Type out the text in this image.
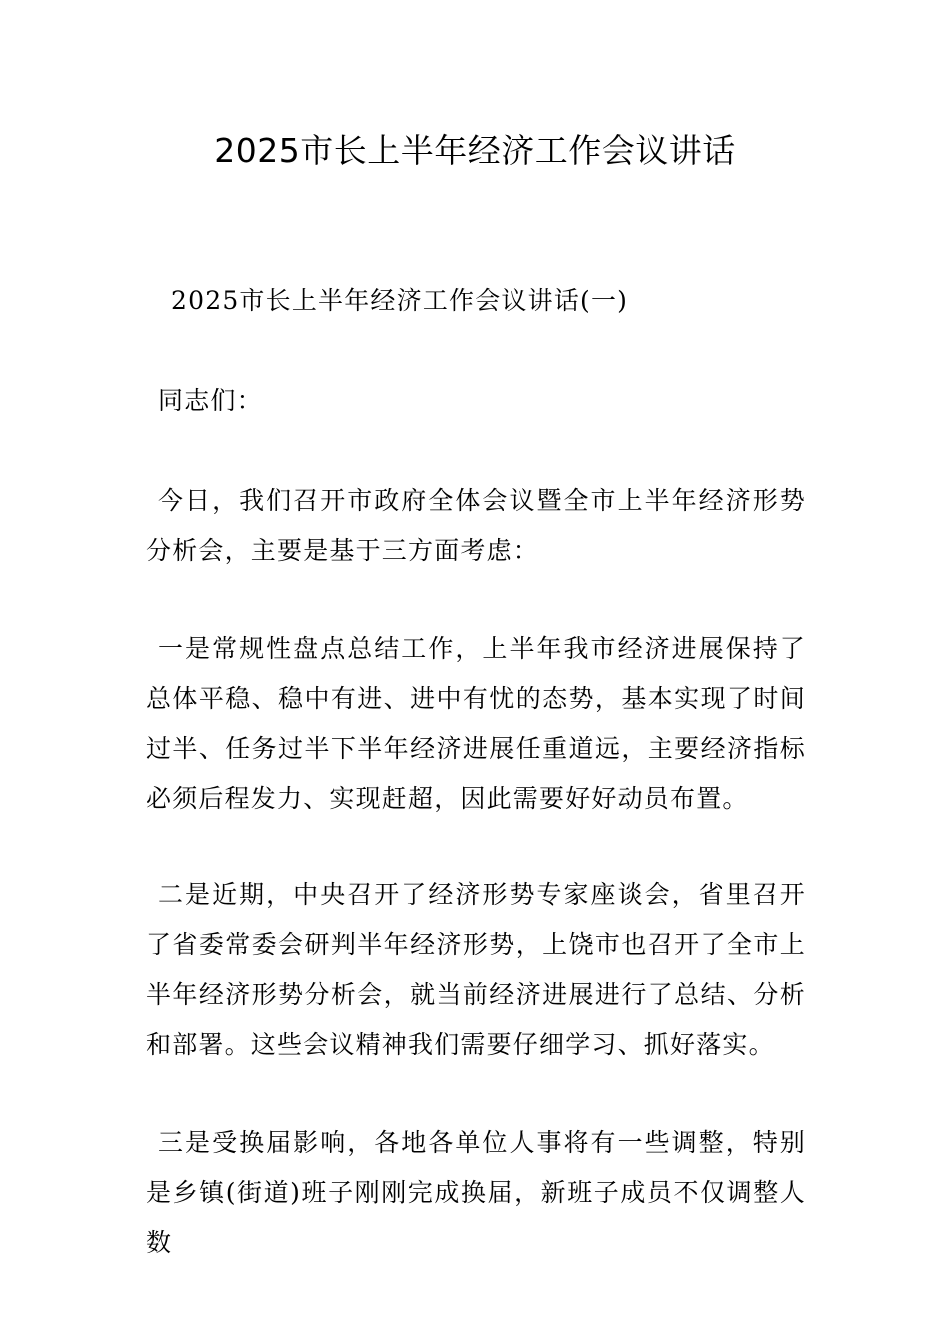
2025市长上半年经济工作会议讲话

2025市长上半年经济工作会议讲话(一)

同志们：

今日，我们召开市政府全体会议暨全市上半年经济形势分析会，主要是基于三方面考虑：

一是常规性盘点总结工作，上半年我市经济进展保持了总体平稳、稳中有进、进中有忧的态势，基本实现了时间过半、任务过半下半年经济进展任重道远，主要经济指标必须后程发力、实现赶超，因此需要好好动员布置。

二是近期，中央召开了经济形势专家座谈会，省里召开了省委常委会研判半年经济形势，上饶市也召开了全市上半年经济形势分析会，就当前经济进展进行了总结、分析和部署。这些会议精神我们需要仔细学习、抓好落实。

三是受换届影响，各地各单位人事将有一些调整，特别是乡镇(街道)班子刚刚完成换届，新班子成员不仅调整人数
